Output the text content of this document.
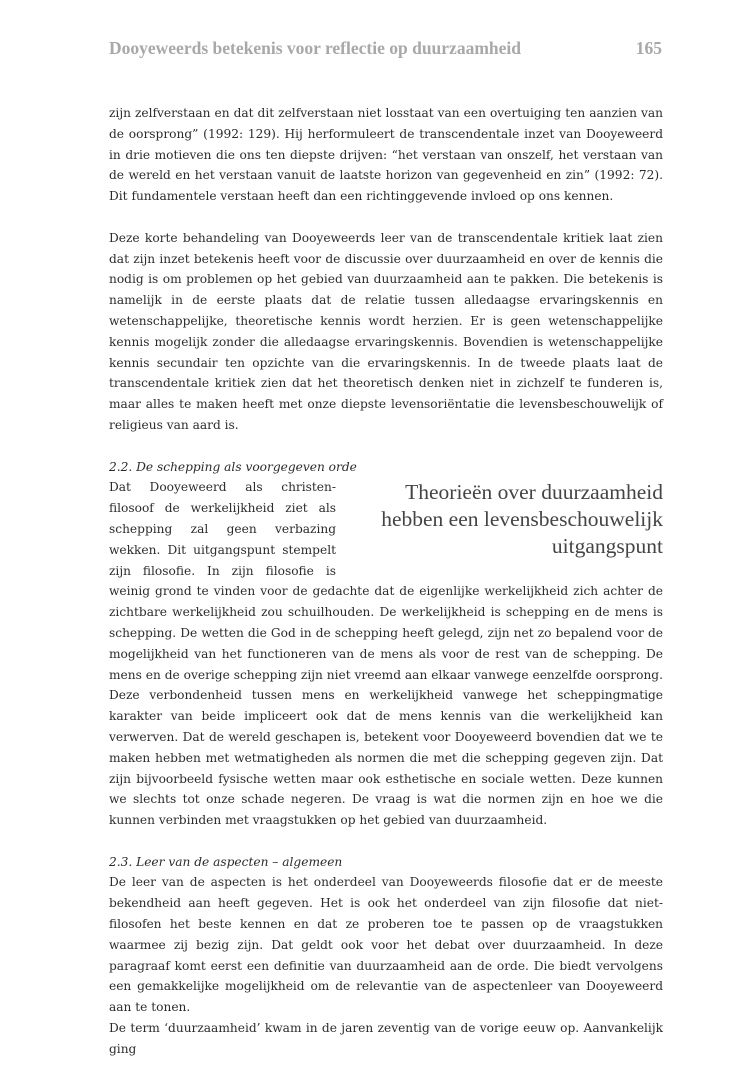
Dooyeweerds betekenis voor reflectie op duurzaamheid	165

zijn zelfverstaan en dat dit zelfverstaan niet losstaat van een overtuiging ten aanzien van de oorsprong” (1992: 129). Hij herformuleert de transcendentale inzet van Dooyeweerd in drie motieven die ons ten diepste drijven: “het verstaan van onszelf, het verstaan van de wereld en het verstaan vanuit de laatste horizon van gegevenheid en zin” (1992: 72). Dit fundamentele verstaan heeft dan een richtinggevende invloed op ons kennen.

Deze korte behandeling van Dooyeweerds leer van de transcendentale kritiek laat zien dat zijn inzet betekenis heeft voor de discussie over duurzaamheid en over de kennis die nodig is om problemen op het gebied van duurzaamheid aan te pakken. Die betekenis is namelijk in de eerste plaats dat de relatie tussen alledaagse ervaringskennis en wetenschappelijke, theoretische kennis wordt herzien. Er is geen wetenschappelijke kennis mogelijk zonder die alledaagse ervaringskennis. Bovendien is wetenschappelijke kennis secundair ten opzichte van die ervaringskennis. In de tweede plaats laat de transcendentale kritiek zien dat het theoretisch denken niet in zichzelf te funderen is, maar alles te maken heeft met onze diepste levensoriëntatie die levensbeschouwelijk of religieus van aard is.

2.2. De schepping als voorgegeven orde
Theorieën over duurzaamheid hebben een levensbeschouwelijk uitgangspunt

Dat Dooyeweerd als christen-filosoof de werkelijkheid ziet als schepping zal geen verbazing wekken. Dit uitgangspunt stempelt zijn filosofie. In zijn filosofie is weinig grond te vinden voor de gedachte dat de eigenlijke werkelijkheid zich achter de zichtbare werkelijkheid zou schuilhouden. De werkelijkheid is schepping en de mens is schepping. De wetten die God in de schepping heeft gelegd, zijn net zo bepalend voor de mogelijkheid van het functioneren van de mens als voor de rest van de schepping. De mens en de overige schepping zijn niet vreemd aan elkaar vanwege eenzelfde oorsprong. Deze verbondenheid tussen mens en werkelijkheid vanwege het scheppingmatige karakter van beide impliceert ook dat de mens kennis van die werkelijkheid kan verwerven. Dat de wereld geschapen is, betekent voor Dooyeweerd bovendien dat we te maken hebben met wetmatigheden als normen die met die schepping gegeven zijn. Dat zijn bijvoorbeeld fysische wetten maar ook esthetische en sociale wetten. Deze kunnen we slechts tot onze schade negeren. De vraag is wat die normen zijn en hoe we die kunnen verbinden met vraagstukken op het gebied van duurzaamheid.

2.3. Leer van de aspecten – algemeen

De leer van de aspecten is het onderdeel van Dooyeweerds filosofie dat er de meeste bekendheid aan heeft gegeven. Het is ook het onderdeel van zijn filosofie dat niet-filosofen het beste kennen en dat ze proberen toe te passen op de vraagstukken waarmee zij bezig zijn. Dat geldt ook voor het debat over duurzaamheid. In deze paragraaf komt eerst een definitie van duurzaamheid aan de orde. Die biedt vervolgens een gemakkelijke mogelijkheid om de relevantie van de aspectenleer van Dooyeweerd aan te tonen.

De term ‘duurzaamheid’ kwam in de jaren zeventig van de vorige eeuw op. Aanvankelijk ging
